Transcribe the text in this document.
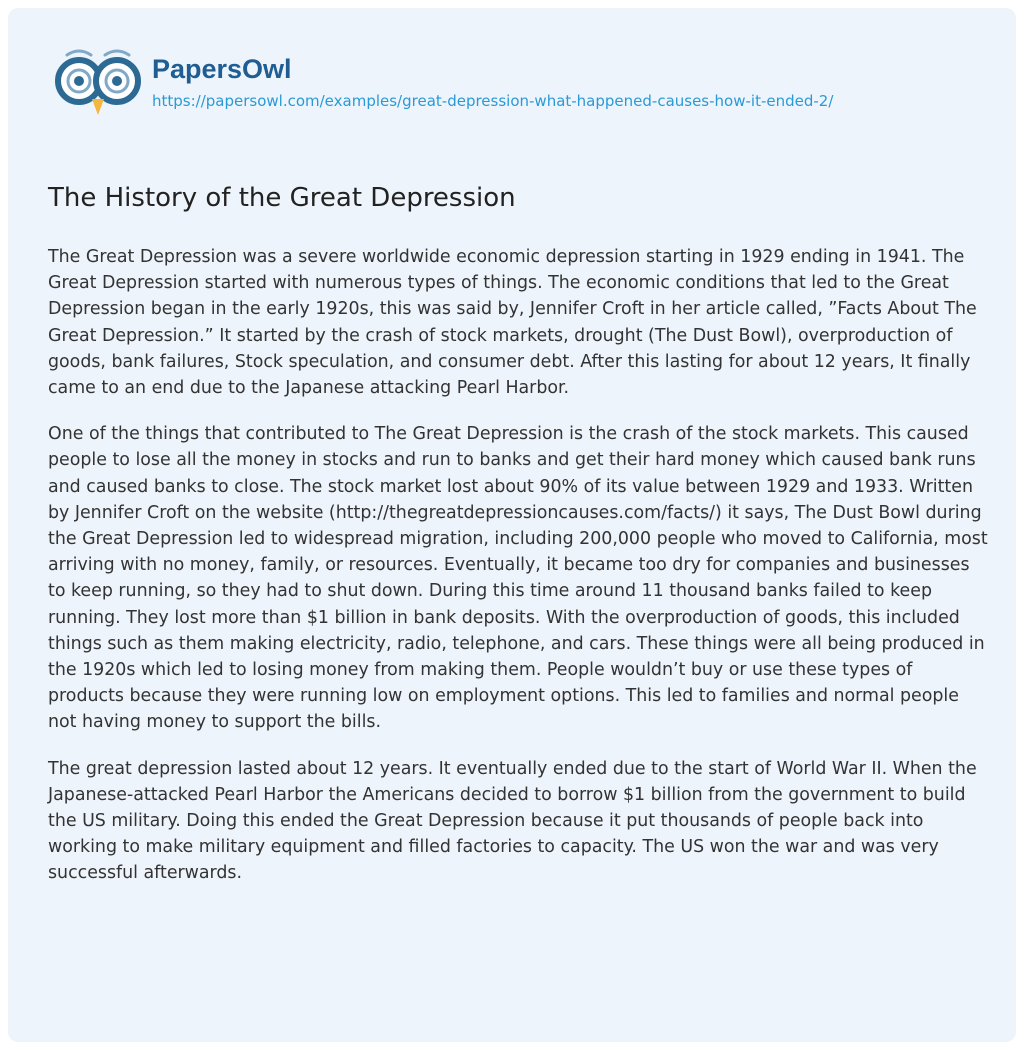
PapersOwl
https://papersowl.com/examples/great-depression-what-happened-causes-how-it-ended-2/
The History of the Great Depression

The Great Depression was a severe worldwide economic depression starting in 1929 ending in 1941. The Great Depression started with numerous types of things. The economic conditions that led to the Great Depression began in the early 1920s, this was said by, Jennifer Croft in her article called, ”Facts About The Great Depression.” It started by the crash of stock markets, drought (The Dust Bowl), overproduction of goods, bank failures, Stock speculation, and consumer debt. After this lasting for about 12 years, It finally came to an end due to the Japanese attacking Pearl Harbor.

One of the things that contributed to The Great Depression is the crash of the stock markets. This caused people to lose all the money in stocks and run to banks and get their hard money which caused bank runs and caused banks to close. The stock market lost about 90% of its value between 1929 and 1933. Written by Jennifer Croft on the website (http://thegreatdepressioncauses.com/facts/) it says, The Dust Bowl during the Great Depression led to widespread migration, including 200,000 people who moved to California, most arriving with no money, family, or resources. Eventually, it became too dry for companies and businesses to keep running, so they had to shut down. During this time around 11 thousand banks failed to keep running. They lost more than $1 billion in bank deposits. With the overproduction of goods, this included things such as them making electricity, radio, telephone, and cars. These things were all being produced in the 1920s which led to losing money from making them. People wouldn’t buy or use these types of products because they were running low on employment options. This led to families and normal people not having money to support the bills.

The great depression lasted about 12 years. It eventually ended due to the start of World War II. When the Japanese-attacked Pearl Harbor the Americans decided to borrow $1 billion from the government to build the US military. Doing this ended the Great Depression because it put thousands of people back into working to make military equipment and filled factories to capacity. The US won the war and was very successful afterwards.
